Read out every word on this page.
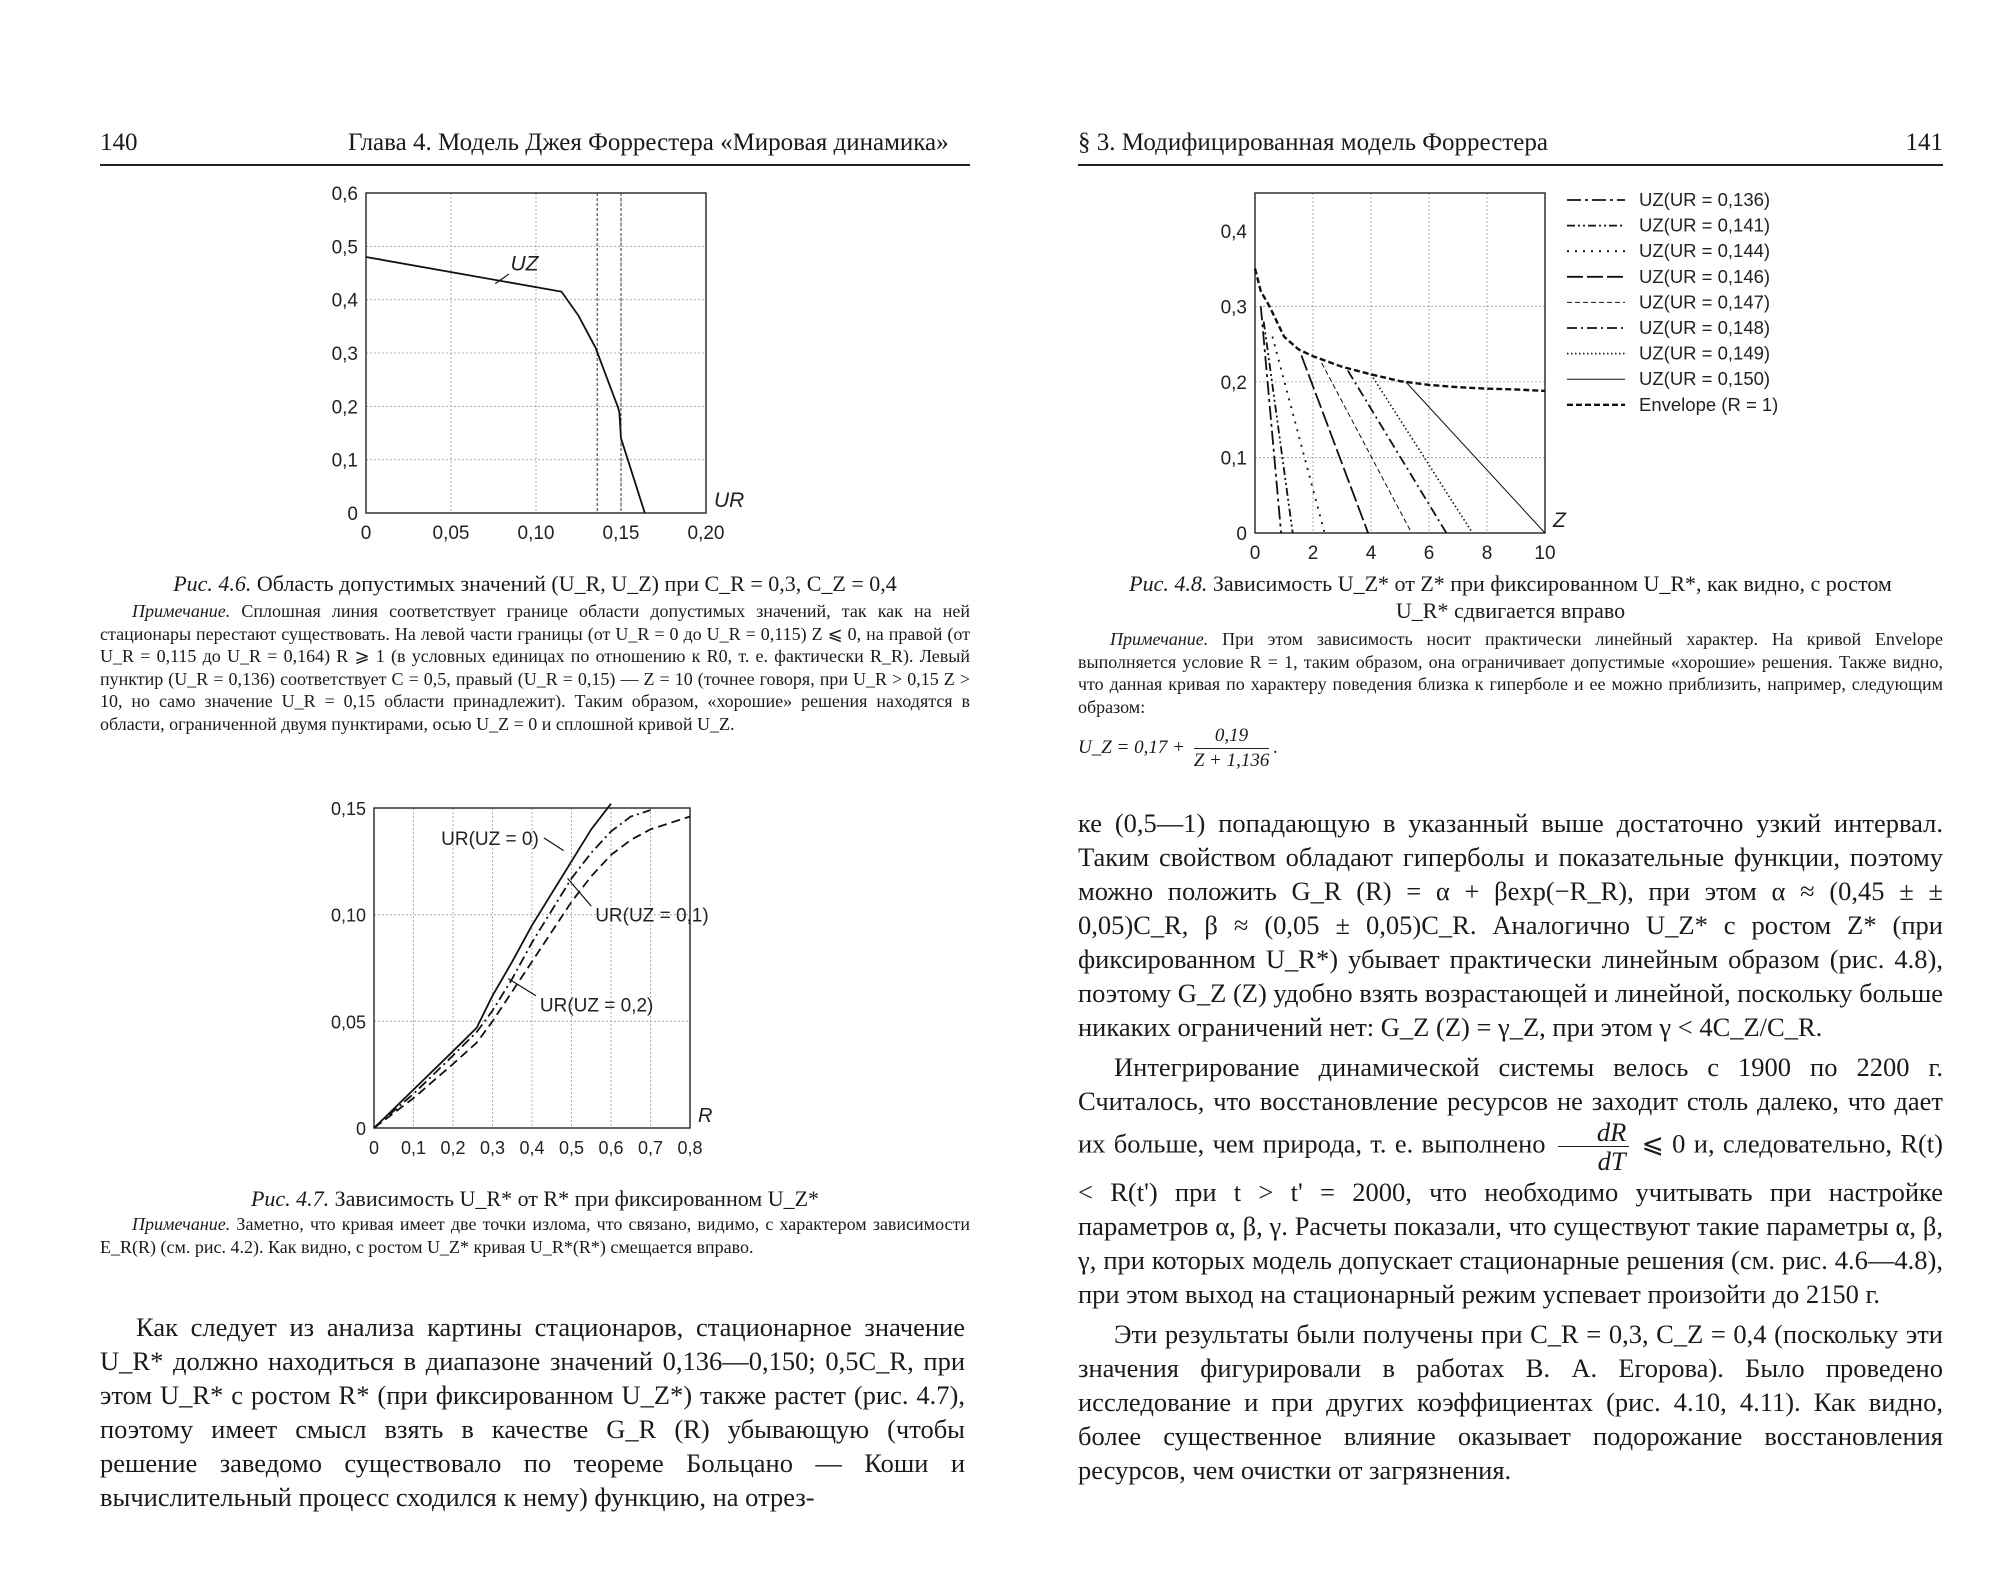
140	Глава 4. Модель Джея Форрестера «Мировая динамика»
0	0,05	0,10	0,15	0,20
0
0,1
0,2
0,3
0,4
0,5
0,6
UR
UZ
Рис. 4.6. Область допустимых значений (U_R, U_Z) при C_R = 0,3, C_Z = 0,4
Примечание. Сплошная линия соответствует границе области допустимых значений, так как на ней стационары перестают существовать. На левой части границы (от U_R = 0 до U_R = 0,115) Z ⩽ 0, на правой (от U_R = 0,115 до U_R = 0,164) R ⩾ 1 (в условных единицах по отношению к R0, т. е. фактически R_R). Левый пунктир (U_R = 0,136) соответствует C = 0,5, правый (U_R = 0,15) — Z = 10 (точнее говоря, при U_R > 0,15 Z > 10, но само значение U_R = 0,15 области принадлежит). Таким образом, «хорошие» решения находятся в области, ограниченной двумя пунктирами, осью U_Z = 0 и сплошной кривой U_Z.
0 0,1 0,2 0,3 0,4 0,5 0,6 0,7 0,8
0
0,05
0,10
0,15
R
UR(UZ = 0)
UR(UZ = 0,1)
UR(UZ = 0,2)
Рис. 4.7. Зависимость U_R* от R* при фиксированном U_Z*
Примечание. Заметно, что кривая имеет две точки излома, что связано, видимо, с характером зависимости E_R(R) (см. рис. 4.2). Как видно, с ростом U_Z* кривая U_R*(R*) смещается вправо.

Как следует из анализа картины стационаров, стационарное значение U_R* должно находиться в диапазоне значений 0,136—0,150; 0,5C_R, при этом U_R* с ростом R* (при фиксированном U_Z*) также растет (рис. 4.7), поэтому имеет смысл взять в качестве G_R (R) убывающую (чтобы решение заведомо существовало по теореме Больцано — Коши и вычислительный процесс сходился к нему) функцию, на отрез-

§ 3. Модифицированная модель Форрестера	141
0 2 4 6 8 10
0
0,1
0,2
0,3
0,4
Z
UZ(UR = 0,136)
UZ(UR = 0,141)
UZ(UR = 0,144)
UZ(UR = 0,146)
UZ(UR = 0,147)
UZ(UR = 0,148)
UZ(UR = 0,149)
UZ(UR = 0,150)
Envelope (R = 1)
Рис. 4.8. Зависимость U_Z* от Z* при фиксированном U_R*, как видно, с ростом
U_R* сдвигается вправо
Примечание. При этом зависимость носит практически линейный характер. На кривой Envelope выполняется условие R = 1, таким образом, она ограничивает допустимые «хорошие» решения. Также видно, что данная кривая по характеру поведения близка к гиперболе и ее можно приблизить, например, следующим образом:
U_Z = $0,17 + \frac{0,19}{Z + 1,136}$ .

ке (0,5—1) попадающую в указанный выше достаточно узкий интервал. Таким свойством обладают гиперболы и показательные функции, поэтому можно положить G_R (R) = α + βexp(−R_R), при этом α ≈ (0,45 ± ± 0,05)C_R, β ≈ (0,05 ± 0,05)C_R. Аналогично U_Z* с ростом Z* (при фиксированном U_R*) убывает практически линейным образом (рис. 4.8), поэтому G_Z (Z) удобно взять возрастающей и линейной, поскольку больше никаких ограничений нет: G_Z (Z) = γ_Z, при этом γ < 4C_Z/C_R.

Интегрирование динамической системы велось с 1900 по 2200 г. Считалось, что восстановление ресурсов не заходит столь далеко, что дает их больше, чем природа, т. е. выполнено $\frac{dR}{dT}$ ⩽ 0 и, следовательно, R(t) < R(t') при t > t' = 2000, что необходимо учитывать при настройке параметров α, β, γ. Расчеты показали, что существуют такие параметры α, β, γ, при которых модель допускает стационарные решения (см. рис. 4.6—4.8), при этом выход на стационарный режим успевает произойти до 2150 г.

Эти результаты были получены при C_R = 0,3, C_Z = 0,4 (поскольку эти значения фигурировали в работах В. А. Егорова). Было проведено исследование и при других коэффициентах (рис. 4.10, 4.11). Как видно, более существенное влияние оказывает подорожание восстановления ресурсов, чем очистки от загрязнения.
